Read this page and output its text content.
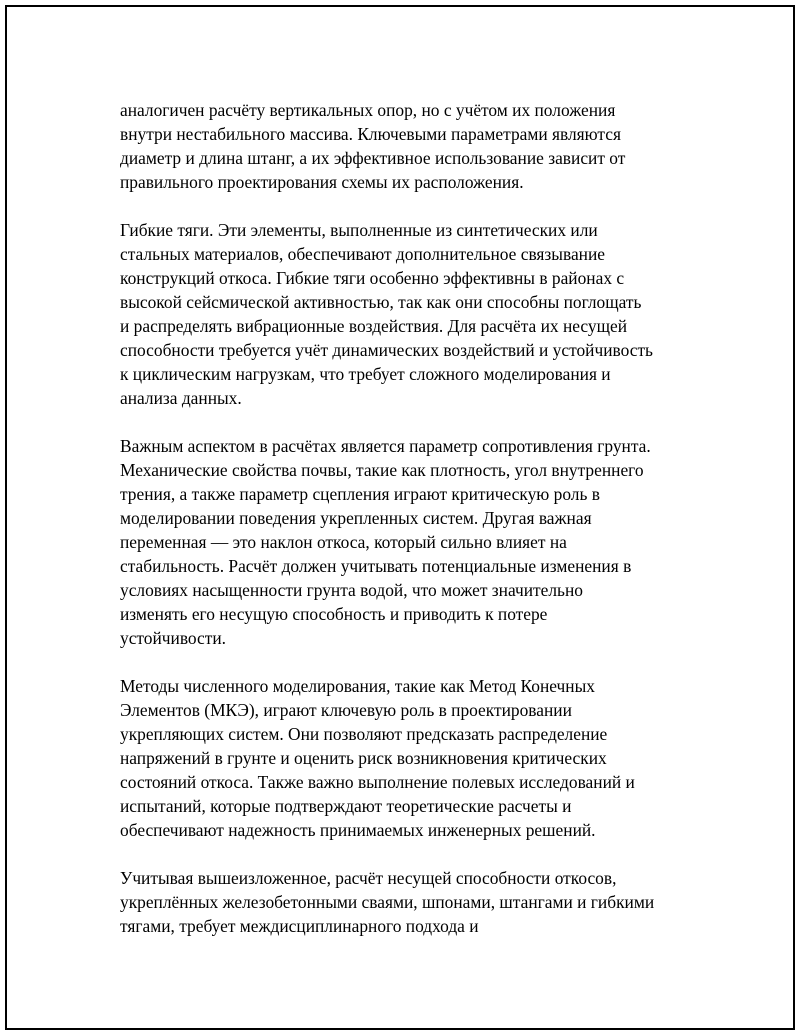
аналогичен расчёту вертикальных опор, но с учётом их положения
внутри нестабильного массива. Ключевыми параметрами являются
диаметр и длина штанг, а их эффективное использование зависит от
правильного проектирования схемы их расположения.

Гибкие тяги. Эти элементы, выполненные из синтетических или
стальных материалов, обеспечивают дополнительное связывание
конструкций откоса. Гибкие тяги особенно эффективны в районах с
высокой сейсмической активностью, так как они способны поглощать
и распределять вибрационные воздействия. Для расчёта их несущей
способности требуется учёт динамических воздействий и устойчивость
к циклическим нагрузкам, что требует сложного моделирования и
анализа данных.

Важным аспектом в расчётах является параметр сопротивления грунта.
Механические свойства почвы, такие как плотность, угол внутреннего
трения, а также параметр сцепления играют критическую роль в
моделировании поведения укрепленных систем. Другая важная
переменная — это наклон откоса, который сильно влияет на
стабильность. Расчёт должен учитывать потенциальные изменения в
условиях насыщенности грунта водой, что может значительно
изменять его несущую способность и приводить к потере
устойчивости.

Методы численного моделирования, такие как Метод Конечных
Элементов (МКЭ), играют ключевую роль в проектировании
укрепляющих систем. Они позволяют предсказать распределение
напряжений в грунте и оценить риск возникновения критических
состояний откоса. Также важно выполнение полевых исследований и
испытаний, которые подтверждают теоретические расчеты и
обеспечивают надежность принимаемых инженерных решений.

Учитывая вышеизложенное, расчёт несущей способности откосов,
укреплённых железобетонными сваями, шпонами, штангами и гибкими
тягами, требует междисциплинарного подхода и
